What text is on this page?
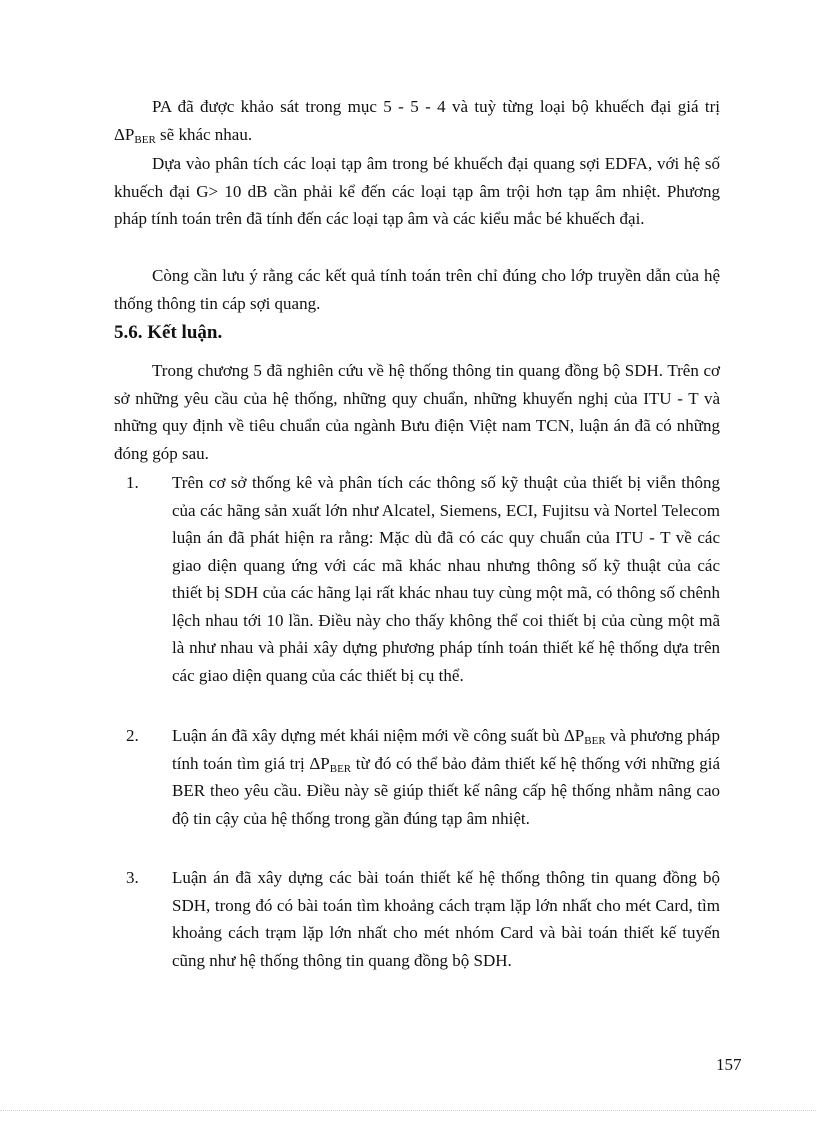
PA đã được khảo sát trong mục 5 - 5 - 4 và tuỳ từng loại bộ khuếch đại giá trị $\Delta P_{BER}$ sẽ khác nhau.

Dựa vào phân tích các loại tạp âm trong bé khuếch đại quang sợi EDFA, với hệ số khuếch đại G> 10 dB cần phải kể đến các loại tạp âm trội hơn tạp âm nhiệt. Phương pháp tính toán trên đã tính đến các loại tạp âm và các kiểu mắc bé khuếch đại.

Còng cần lưu ý rằng các kết quả tính toán trên chỉ đúng cho lớp truyền dẫn của hệ thống thông tin cáp sợi quang.

5.6. Kết luận.

Trong chương 5 đã nghiên cứu về hệ thống thông tin quang đồng bộ SDH. Trên cơ sở những yêu cầu của hệ thống, những quy chuẩn, những khuyến nghị của ITU - T và những quy định về tiêu chuẩn của ngành Bưu điện Việt nam TCN, luận án đã có những đóng góp sau.

1.	Trên cơ sở thống kê và phân tích các thông số kỹ thuật của thiết bị viễn thông của các hãng sản xuất lớn như Alcatel, Siemens, ECI, Fujitsu và Nortel Telecom luận án đã phát hiện ra rằng: Mặc dù đã có các quy chuẩn của ITU - T về các giao diện quang ứng với các mã khác nhau nhưng thông số kỹ thuật của các thiết bị SDH của các hãng lại rất khác nhau tuy cùng một mã, có thông số chênh lệch nhau tới 10 lần. Điều này cho thấy không thể coi thiết bị của cùng một mã là như nhau và phải xây dựng phương pháp tính toán thiết kế hệ thống dựa trên các giao diện quang của các thiết bị cụ thể.
2.	Luận án đã xây dựng mét khái niệm mới về công suất bù $\Delta P_{BER}$ và phương pháp tính toán tìm giá trị $\Delta P_{BER}$ từ đó có thể bảo đảm thiết kế hệ thống với những giá BER theo yêu cầu. Điều này sẽ giúp thiết kế nâng cấp hệ thống nhằm nâng cao độ tin cậy của hệ thống trong gần đúng tạp âm nhiệt.
3.	Luận án đã xây dựng các bài toán thiết kế hệ thống thông tin quang đồng bộ SDH, trong đó có bài toán tìm khoảng cách trạm lặp lớn nhất cho mét Card, tìm khoảng cách trạm lặp lớn nhất cho mét nhóm Card và bài toán thiết kế tuyến cũng như hệ thống thông tin quang đồng bộ SDH.
157
